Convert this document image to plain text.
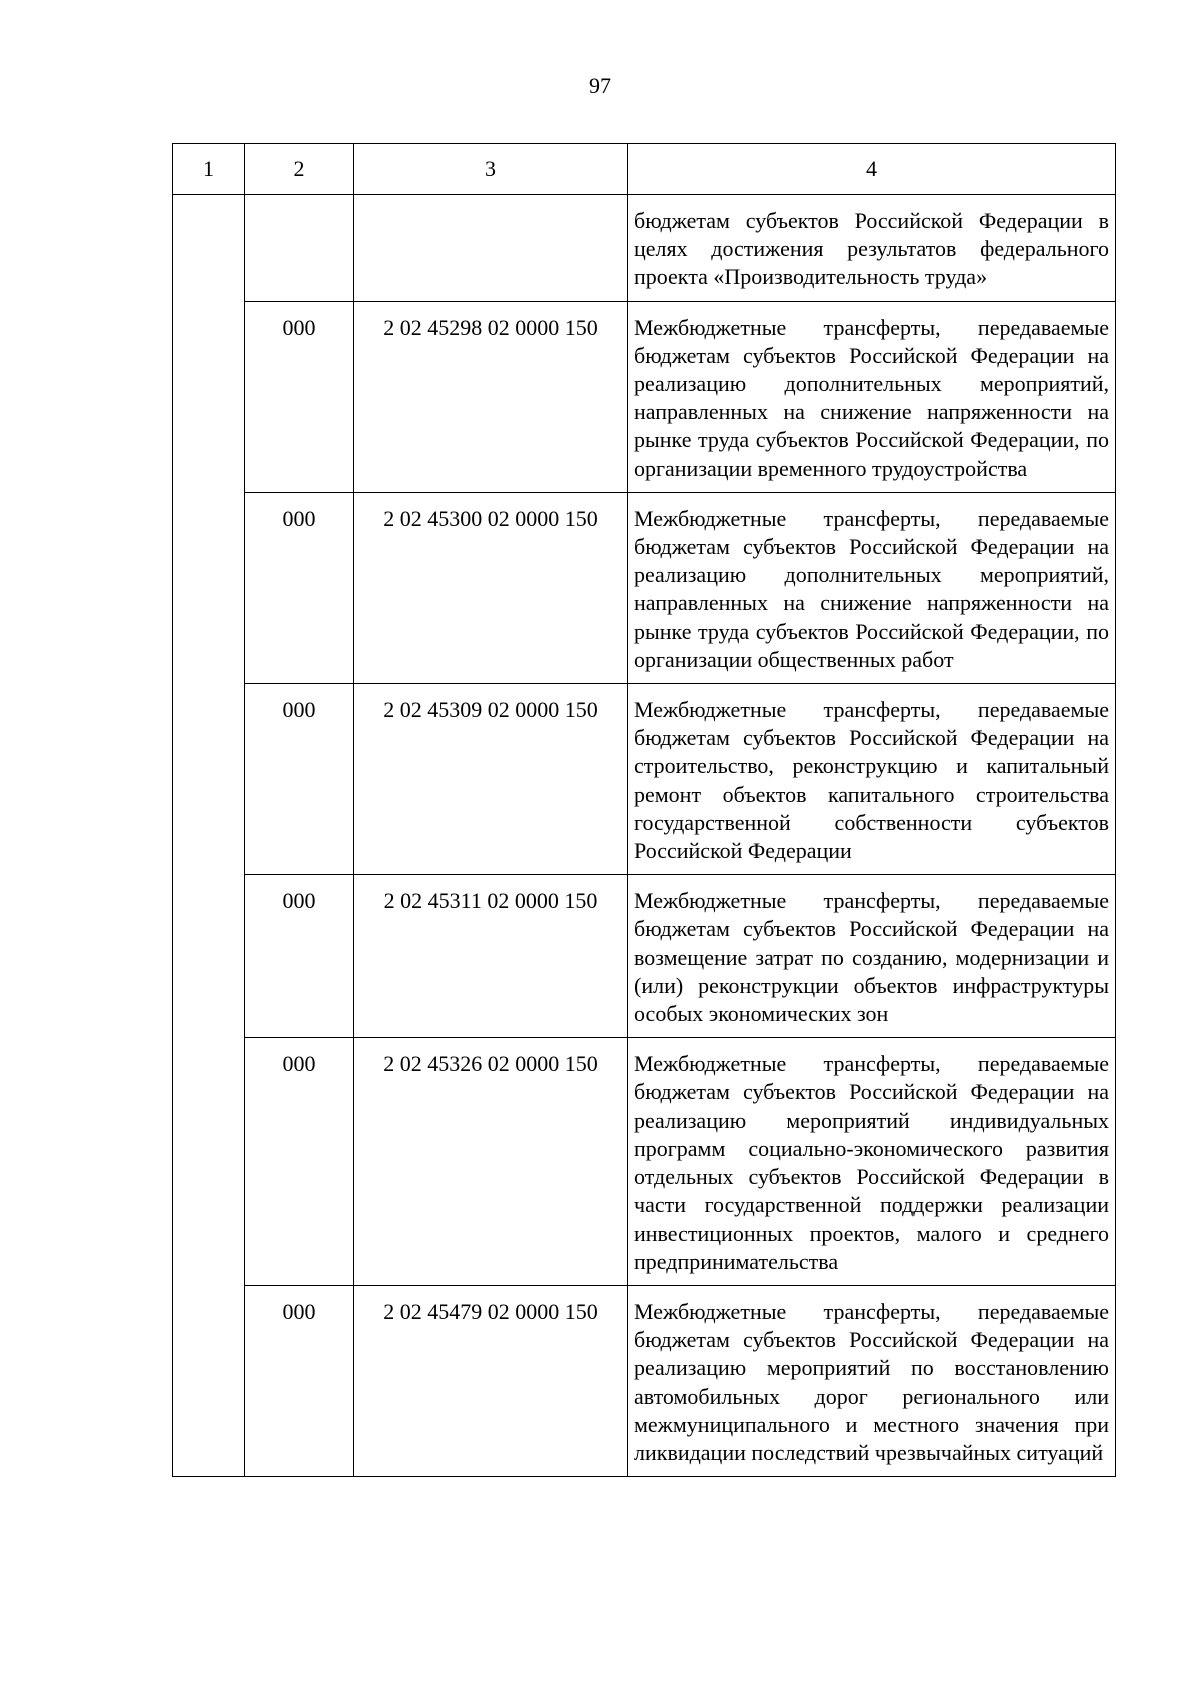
97
1	2	3	4
			бюджетам субъектов Российской Федерации в целях достижения результатов федерального проекта «Производительность труда»
	000	2 02 45298 02 0000 150	Межбюджетные трансферты, передаваемые бюджетам субъектов Российской Федерации на реализацию дополнительных мероприятий, направленных на снижение напряженности на рынке труда субъектов Российской Федерации, по организации временного трудоустройства
	000	2 02 45300 02 0000 150	Межбюджетные трансферты, передаваемые бюджетам субъектов Российской Федерации на реализацию дополнительных мероприятий, направленных на снижение напряженности на рынке труда субъектов Российской Федерации, по организации общественных работ
	000	2 02 45309 02 0000 150	Межбюджетные трансферты, передаваемые бюджетам субъектов Российской Федерации на строительство, реконструкцию и капитальный ремонт объектов капитального строительства государственной собственности субъектов Российской Федерации
	000	2 02 45311 02 0000 150	Межбюджетные трансферты, передаваемые бюджетам субъектов Российской Федерации на возмещение затрат по созданию, модернизации и (или) реконструкции объектов инфраструктуры особых экономических зон
	000	2 02 45326 02 0000 150	Межбюджетные трансферты, передаваемые бюджетам субъектов Российской Федерации на реализацию мероприятий индивидуальных программ социально-экономического развития отдельных субъектов Российской Федерации в части государственной поддержки реализации инвестиционных проектов, малого и среднего предпринимательства
	000	2 02 45479 02 0000 150	Межбюджетные трансферты, передаваемые бюджетам субъектов Российской Федерации на реализацию мероприятий по восстановлению автомобильных дорог регионального или межмуниципального и местного значения при ликвидации последствий чрезвычайных ситуаций
